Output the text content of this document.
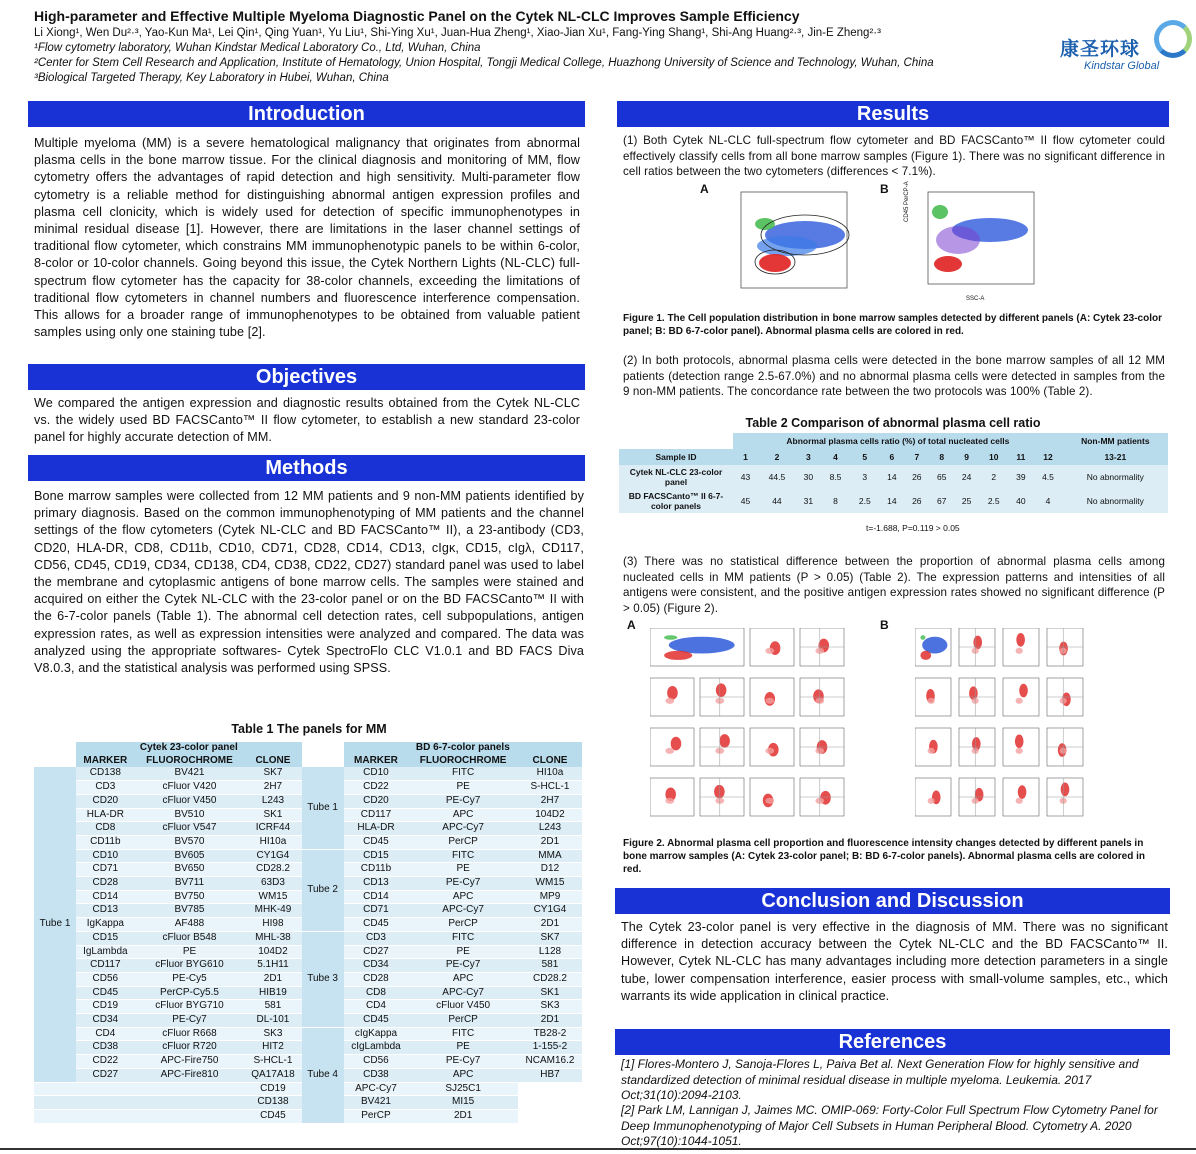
High-parameter and Effective Multiple Myeloma Diagnostic Panel on the Cytek NL-CLC Improves Sample Efficiency
Li Xiong¹, Wen Du²·³, Yao-Kun Ma¹, Lei Qin¹, Qing Yuan¹, Yu Liu¹, Shi-Ying Xu¹, Juan-Hua Zheng¹, Xiao-Jian Xu¹, Fang-Ying Shang¹, Shi-Ang Huang²·³, Jin-E Zheng²·³
¹Flow cytometry laboratory, Wuhan Kindstar Medical Laboratory Co., Ltd, Wuhan, China
²Center for Stem Cell Research and Application, Institute of Hematology, Union Hospital, Tongji Medical College, Huazhong University of Science and Technology, Wuhan, China
³Biological Targeted Therapy, Key Laboratory in Hubei, Wuhan, China
康圣环球
Kindstar Global
Introduction
Multiple myeloma (MM) is a severe hematological malignancy that originates from abnormal plasma cells in the bone marrow tissue. For the clinical diagnosis and monitoring of MM, flow cytometry offers the advantages of rapid detection and high sensitivity. Multi-parameter flow cytometry is a reliable method for distinguishing abnormal antigen expression profiles and plasma cell clonicity, which is widely used for detection of specific immunophenotypes in minimal residual disease [1]. However, there are limitations in the laser channel settings of traditional flow cytometer, which constrains MM immunophenotypic panels to be within 6-color, 8-color or 10-color channels. Going beyond this issue, the Cytek Northern Lights (NL-CLC) full-spectrum flow cytometer has the capacity for 38-color channels, exceeding the limitations of traditional flow cytometers in channel numbers and fluorescence interference compensation. This allows for a broader range of immunophenotypes to be obtained from valuable patient samples using only one staining tube [2].
Objectives
We compared the antigen expression and diagnostic results obtained from the Cytek NL-CLC vs. the widely used BD FACSCanto™ II flow cytometer, to establish a new standard 23-color panel for highly accurate detection of MM.
Methods
Bone marrow samples were collected from 12 MM patients and 9 non-MM patients identified by primary diagnosis. Based on the common immunophenotyping of MM patients and the channel settings of the flow cytometers (Cytek NL-CLC and BD FACSCanto™ II), a 23-antibody (CD3, CD20, HLA-DR, CD8, CD11b, CD10, CD71, CD28, CD14, CD13, cIgκ, CD15, cIgλ, CD117, CD56, CD45, CD19, CD34, CD138, CD4, CD38, CD22, CD27) standard panel was used to label the membrane and cytoplasmic antigens of bone marrow cells. The samples were stained and acquired on either the Cytek NL-CLC with the 23-color panel or on the BD FACSCanto™ II with the 6-7-color panels (Table 1). The abnormal cell detection rates, cell subpopulations, antigen expression rates, as well as expression intensities were analyzed and compared. The data was analyzed using the appropriate softwares- Cytek SpectroFlo CLC V1.0.1 and BD FACS Diva V8.0.3, and the statistical analysis was performed using SPSS.
Table 1 The panels for MM
	Cytek 23-color panel				BD 6-7-color panels		
	MARKER	FLUOROCHROME	CLONE		MARKER	FLUOROCHROME	CLONE
Tube 1	CD138	BV421	SK7	Tube 1	CD10	FITC	HI10a
	CD3	cFluor V420	2H7		CD22	PE	S-HCL-1
	CD20	cFluor V450	L243		CD20	PE-Cy7	2H7
	HLA-DR	BV510	SK1		CD117	APC	104D2
	CD8	cFluor V547	ICRF44		HLA-DR	APC-Cy7	L243
	CD11b	BV570	HI10a		CD45	PerCP	2D1
	CD10	BV605	CY1G4	Tube 2	CD15	FITC	MMA
	CD71	BV650	CD28.2		CD11b	PE	D12
	CD28	BV711	63D3		CD13	PE-Cy7	WM15
	CD14	BV750	WM15		CD14	APC	MP9
	CD13	BV785	MHK-49		CD71	APC-Cy7	CY1G4
	IgKappa	AF488	HI98		CD45	PerCP	2D1
	CD15	cFluor B548	MHL-38	Tube 3	CD3	FITC	SK7
	IgLambda	PE	104D2		CD27	PE	L128
	CD117	cFluor BYG610	5.1H11		CD34	PE-Cy7	581
	CD56	PE-Cy5	2D1		CD28	APC	CD28.2
	CD45	PerCP-Cy5.5	HIB19		CD8	APC-Cy7	SK1
	CD19	cFluor BYG710	581		CD4	cFluor V450	SK3
	CD34	PE-Cy7	DL-101		CD45	PerCP	2D1
	CD4	cFluor R668	SK3	Tube 4	cIgKappa	FITC	TB28-2
	CD38	cFluor R720	HIT2		cIgLambda	PE	1-155-2
	CD22	APC-Fire750	S-HCL-1		CD56	PE-Cy7	NCAM16.2
	CD27	APC-Fire810	QA17A18		CD38	APC	HB7
			CD19		APC-Cy7	SJ25C1	
			CD138		BV421	MI15	
			CD45		PerCP	2D1	
Results
(1) Both Cytek NL-CLC full-spectrum flow cytometer and BD FACSCanto™ II flow cytometer could effectively classify cells from all bone marrow samples (Figure 1). There was no significant difference in cell ratios between the two cytometers (differences < 7.1%).
A	B	CD45 PerCP-A
SSC-A
Figure 1. The Cell population distribution in bone marrow samples detected by different panels (A: Cytek 23-color panel; B: BD 6-7-color panel). Abnormal plasma cells are colored in red.
(2) In both protocols, abnormal plasma cells were detected in the bone marrow samples of all 12 MM patients (detection range 2.5-67.0%) and no abnormal plasma cells were detected in samples from the 9 non-MM patients. The concordance rate between the two protocols was 100% (Table 2).
Table 2 Comparison of abnormal plasma cell ratio
	Abnormal plasma cells ratio (%) of total nucleated cells												Non-MM patients
Sample ID	1	2	3	4	5	6	7	8	9	10	11	12	13-21
Cytek NL-CLC 23-color panel	43	44.5	30	8.5	3	14	26	65	24	2	39	4.5	No abnormality
BD FACSCanto™ II 6-7-color panels	45	44	31	8	2.5	14	26	67	25	2.5	40	4	No abnormality
t=-1.688, P=0.119 > 0.05
(3) There was no statistical difference between the proportion of abnormal plasma cells among nucleated cells in MM patients (P > 0.05) (Table 2). The expression patterns and intensities of all antigens were consistent, and the positive antigen expression rates showed no significant difference (P > 0.05) (Figure 2).
A	B
Figure 2. Abnormal plasma cell proportion and fluorescence intensity changes detected by different panels in bone marrow samples (A: Cytek 23-color panel; B: BD 6-7-color panels). Abnormal plasma cells are colored in red.
Conclusion and Discussion
The Cytek 23-color panel is very effective in the diagnosis of MM. There was no significant difference in detection accuracy between the Cytek NL-CLC and the BD FACSCanto™ II. However, Cytek NL-CLC has many advantages including more detection parameters in a single tube, lower compensation interference, easier process with small-volume samples, etc., which warrants its wide application in clinical practice.
References
[1] Flores-Montero J, Sanoja-Flores L, Paiva Bet al. Next Generation Flow for highly sensitive and standardized detection of minimal residual disease in multiple myeloma. Leukemia. 2017 Oct;31(10):2094-2103.
[2] Park LM, Lannigan J, Jaimes MC. OMIP-069: Forty-Color Full Spectrum Flow Cytometry Panel for Deep Immunophenotyping of Major Cell Subsets in Human Peripheral Blood. Cytometry A. 2020 Oct;97(10):1044-1051.
